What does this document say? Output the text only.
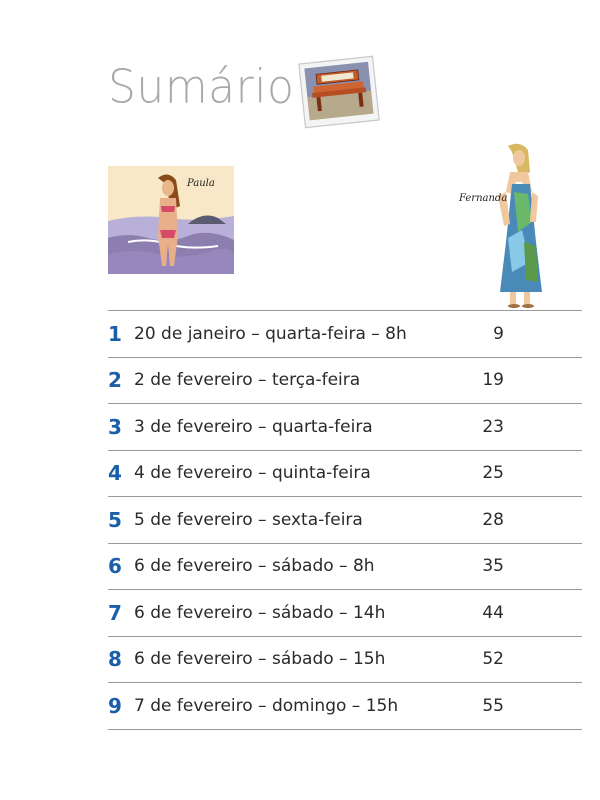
Sumário
Paula
Fernanda
1 20 de janeiro – quarta-feira – 8h	9
2 2 de fevereiro – terça-feira	19
3 3 de fevereiro – quarta-feira	23
4 4 de fevereiro – quinta-feira	25
5 5 de fevereiro – sexta-feira	28
6 6 de fevereiro – sábado – 8h	35
7 6 de fevereiro – sábado – 14h	44
8 6 de fevereiro – sábado – 15h	52
9 7 de fevereiro – domingo – 15h	55
